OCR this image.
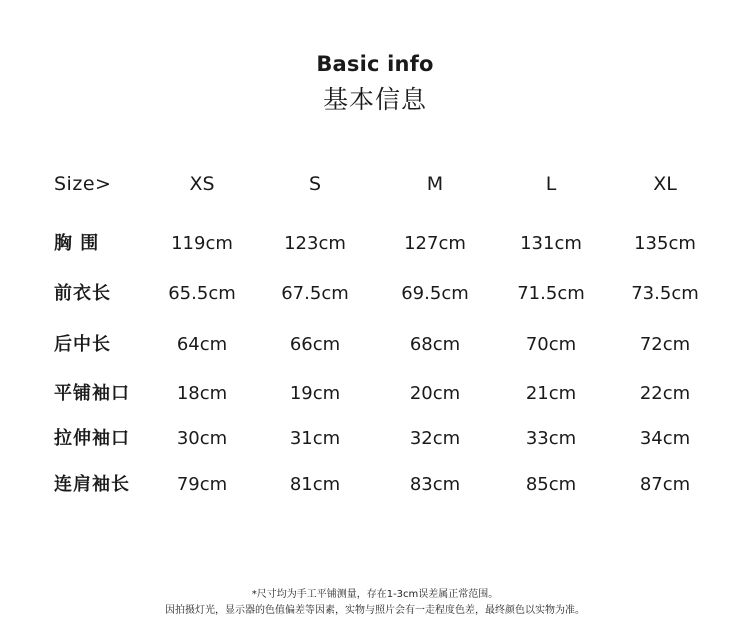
Basic info
基本信息
Size>	XS	S	M	L	XL
胸 围	119cm	123cm	127cm	131cm	135cm
前衣长	65.5cm	67.5cm	69.5cm	71.5cm	73.5cm
后中长	64cm	66cm	68cm	70cm	72cm
平铺袖口	18cm	19cm	20cm	21cm	22cm
拉伸袖口	30cm	31cm	32cm	33cm	34cm
连肩袖长	79cm	81cm	83cm	85cm	87cm
*尺寸均为手工平铺测量，存在1-3cm误差属正常范围。
因拍摄灯光，显示器的色值偏差等因素，实物与照片会有一走程度色差，最终颜色以实物为准。
